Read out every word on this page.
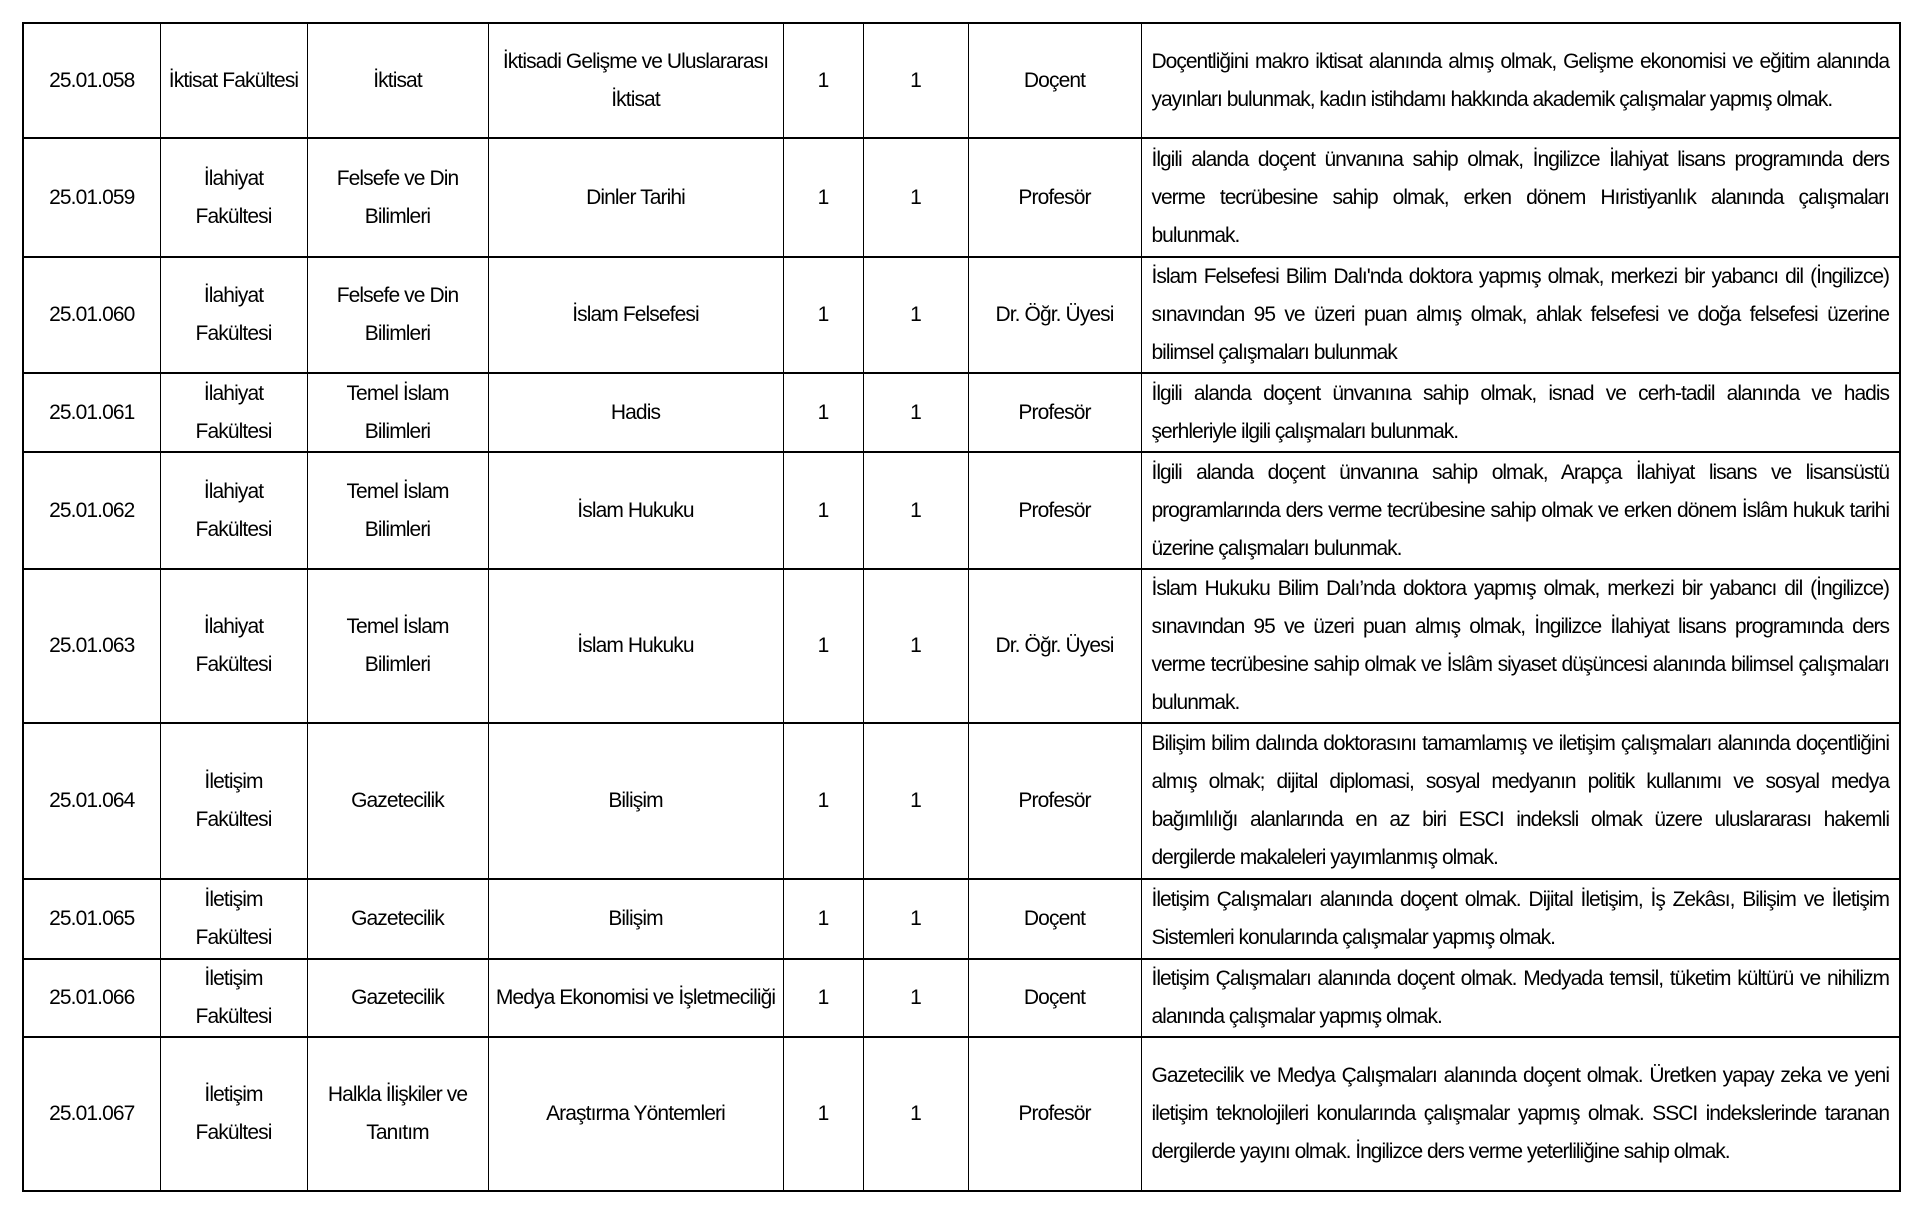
25.01.058	İktisat Fakültesi	İktisat	İktisadi Gelişme ve Uluslararası İktisat	1	1	Doçent	Doçentliğini makro iktisat alanında almış olmak, Gelişme ekonomisi ve eğitim alanında yayınları bulunmak, kadın istihdamı hakkında akademik çalışmalar yapmış olmak.
25.01.059	İlahiyat Fakültesi	Felsefe ve Din Bilimleri	Dinler Tarihi	1	1	Profesör	İlgili alanda doçent ünvanına sahip olmak, İngilizce İlahiyat lisans programında ders verme tecrübesine sahip olmak, erken dönem Hıristiyanlık alanında çalışmaları bulunmak.
25.01.060	İlahiyat Fakültesi	Felsefe ve Din Bilimleri	İslam Felsefesi	1	1	Dr. Öğr. Üyesi	İslam Felsefesi Bilim Dalı'nda doktora yapmış olmak, merkezi bir yabancı dil (İngilizce) sınavından 95 ve üzeri puan almış olmak, ahlak felsefesi ve doğa felsefesi üzerine bilimsel çalışmaları bulunmak
25.01.061	İlahiyat Fakültesi	Temel İslam Bilimleri	Hadis	1	1	Profesör	İlgili alanda doçent ünvanına sahip olmak, isnad ve cerh-tadil alanında ve hadis şerhleriyle ilgili çalışmaları bulunmak.
25.01.062	İlahiyat Fakültesi	Temel İslam Bilimleri	İslam Hukuku	1	1	Profesör	İlgili alanda doçent ünvanına sahip olmak, Arapça İlahiyat lisans ve lisansüstü programlarında ders verme tecrübesine sahip olmak ve erken dönem İslâm hukuk tarihi üzerine çalışmaları bulunmak.
25.01.063	İlahiyat Fakültesi	Temel İslam Bilimleri	İslam Hukuku	1	1	Dr. Öğr. Üyesi	İslam Hukuku Bilim Dalı’nda doktora yapmış olmak, merkezi bir yabancı dil (İngilizce) sınavından 95 ve üzeri puan almış olmak, İngilizce İlahiyat lisans programında ders verme tecrübesine sahip olmak ve İslâm siyaset düşüncesi alanında bilimsel çalışmaları bulunmak.
25.01.064	İletişim Fakültesi	Gazetecilik	Bilişim	1	1	Profesör	Bilişim bilim dalında doktorasını tamamlamış ve iletişim çalışmaları alanında doçentliğini almış olmak; dijital diplomasi, sosyal medyanın politik kullanımı ve sosyal medya bağımlılığı alanlarında en az biri ESCI indeksli olmak üzere uluslararası hakemli dergilerde makaleleri yayımlanmış olmak.
25.01.065	İletişim Fakültesi	Gazetecilik	Bilişim	1	1	Doçent	İletişim Çalışmaları alanında doçent olmak. Dijital İletişim, İş Zekâsı, Bilişim ve İletişim Sistemleri konularında çalışmalar yapmış olmak.
25.01.066	İletişim Fakültesi	Gazetecilik	Medya Ekonomisi ve İşletmeciliği	1	1	Doçent	İletişim Çalışmaları alanında doçent olmak. Medyada temsil, tüketim kültürü ve nihilizm alanında çalışmalar yapmış olmak.
25.01.067	İletişim Fakültesi	Halkla İlişkiler ve Tanıtım	Araştırma Yöntemleri	1	1	Profesör	Gazetecilik ve Medya Çalışmaları alanında doçent olmak. Üretken yapay zeka ve yeni iletişim teknolojileri konularında çalışmalar yapmış olmak. SSCI indekslerinde taranan dergilerde yayını olmak. İngilizce ders verme yeterliliğine sahip olmak.
